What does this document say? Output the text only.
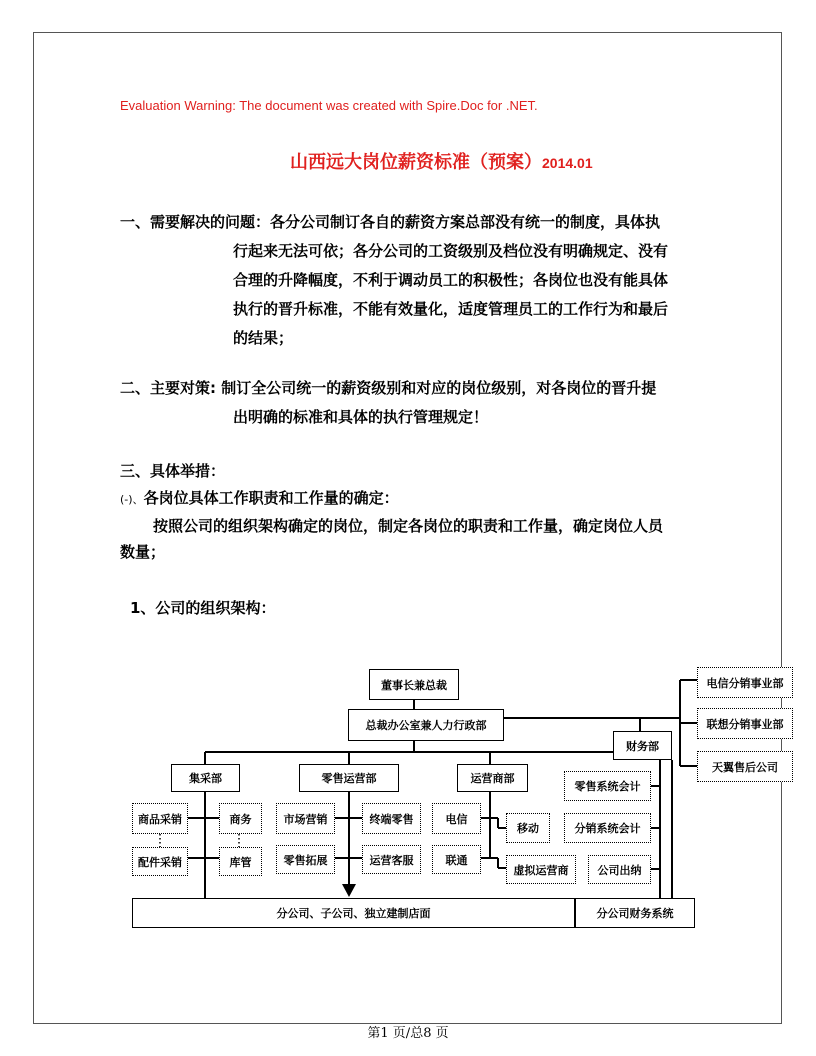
Evaluation Warning: The document was created with Spire.Doc for .NET.
山西远大岗位薪资标准（预案）2014.01
一、需要解决的问题：各分公司制订各自的薪资方案总部没有统一的制度，具体执
行起来无法可依；各分公司的工资级别及档位没有明确规定、没有
合理的升降幅度，不利于调动员工的积极性；各岗位也没有能具体
执行的晋升标准，不能有效量化，适度管理员工的工作行为和最后
的结果；
二、主要对策: 制订全公司统一的薪资级别和对应的岗位级别，对各岗位的晋升提
出明确的标准和具体的执行管理规定！
三、具体举措：
(-)、各岗位具体工作职责和工作量的确定：
按照公司的组织架构确定的岗位，制定各岗位的职责和工作量，确定岗位人员
数量；
1、公司的组织架构：
董事长兼总裁
总裁办公室兼人力行政部
财务部
电信分销事业部
联想分销事业部
天翼售后公司
集采部	零售运营部	运营商部
商品采销	商务
配件采销	库管
市场营销	终端零售
零售拓展	运营客服
电信
移动
联通
虚拟运营商
零售系统会计
分销系统会计
公司出纳
分公司、子公司、独立建制店面	分公司财务系统
第1 页/总8 页
